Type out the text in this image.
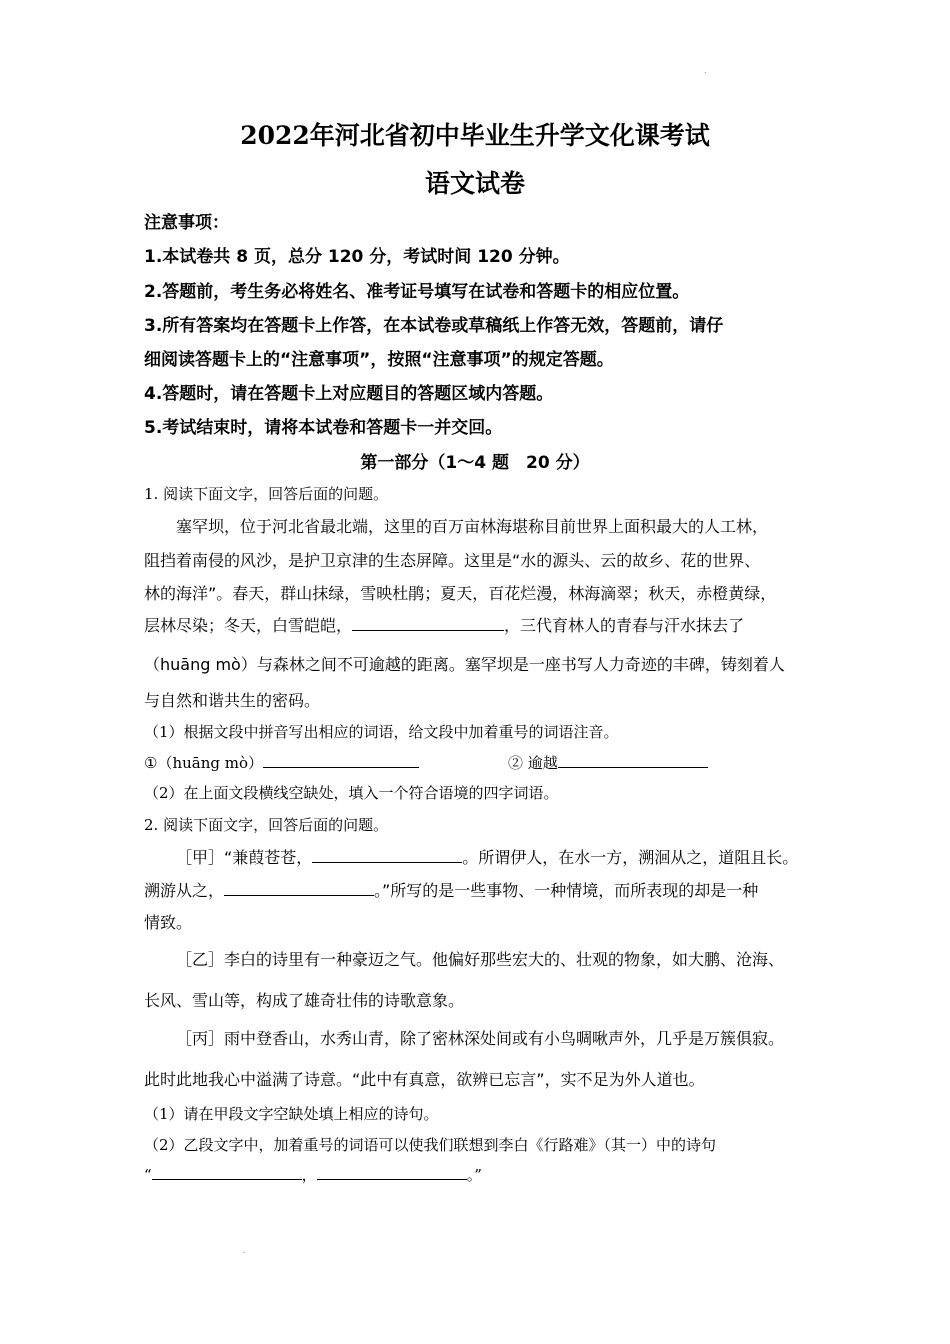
.
2022年河北省初中毕业生升学文化课考试
语文试卷
注意事项：
1.本试卷共 8 页，总分 120 分，考试时间 120 分钟。
2.答题前，考生务必将姓名、准考证号填写在试卷和答题卡的相应位置。
3.所有答案均在答题卡上作答，在本试卷或草稿纸上作答无效，答题前，请仔
细阅读答题卡上的“注意事项”，按照“注意事项”的规定答题。
4.答题时，请在答题卡上对应题目的答题区域内答题。
5.考试结束时，请将本试卷和答题卡一并交回。
第一部分（1～4 题　20 分）
1. 阅读下面文字，回答后面的问题。
塞罕坝，位于河北省最北端，这里的百万亩林海堪称目前世界上面积最大的人工林，
阻挡着南侵的风沙，是护卫京津的生态屏障。这里是“水的源头、云的故乡、花的世界、
林的海洋”。春天，群山抹绿，雪映杜鹃；夏天，百花烂漫，林海滴翠；秋天，赤橙黄绿，
层林尽染；冬天，白雪皑皑，	，三代育林人的青春与汗水抹去了
（huāng mò）与森林之间不可逾越的距离。塞罕坝是一座书写人力奇迹的丰碑，铸刻着人
与自然和谐共生的密码。
（1）根据文段中拼音写出相应的词语，给文段中加着重号的词语注音。
①（huāng mò）	② 逾越
（2）在上面文段横线空缺处，填入一个符合语境的四字词语。
2. 阅读下面文字，回答后面的问题。
［甲］“兼葭苍苍，	。所谓伊人，在水一方，溯洄从之，道阻且长。
溯游从之，	。”所写的是一些事物、一种情境，而所表现的却是一种
情致。
［乙］李白的诗里有一种豪迈之气。他偏好那些宏大的、壮观的物象，如大鹏、沧海、
长风、雪山等，构成了雄奇壮伟的诗歌意象。
［丙］雨中登香山，水秀山青，除了密林深处间或有小鸟啁啾声外，几乎是万簇俱寂。
此时此地我心中溢满了诗意。“此中有真意，欲辨已忘言”，实不足为外人道也。
（1）请在甲段文字空缺处填上相应的诗句。
（2）乙段文字中，加着重号的词语可以使我们联想到李白《行路难》（其一）中的诗句
“	，	。”
.
